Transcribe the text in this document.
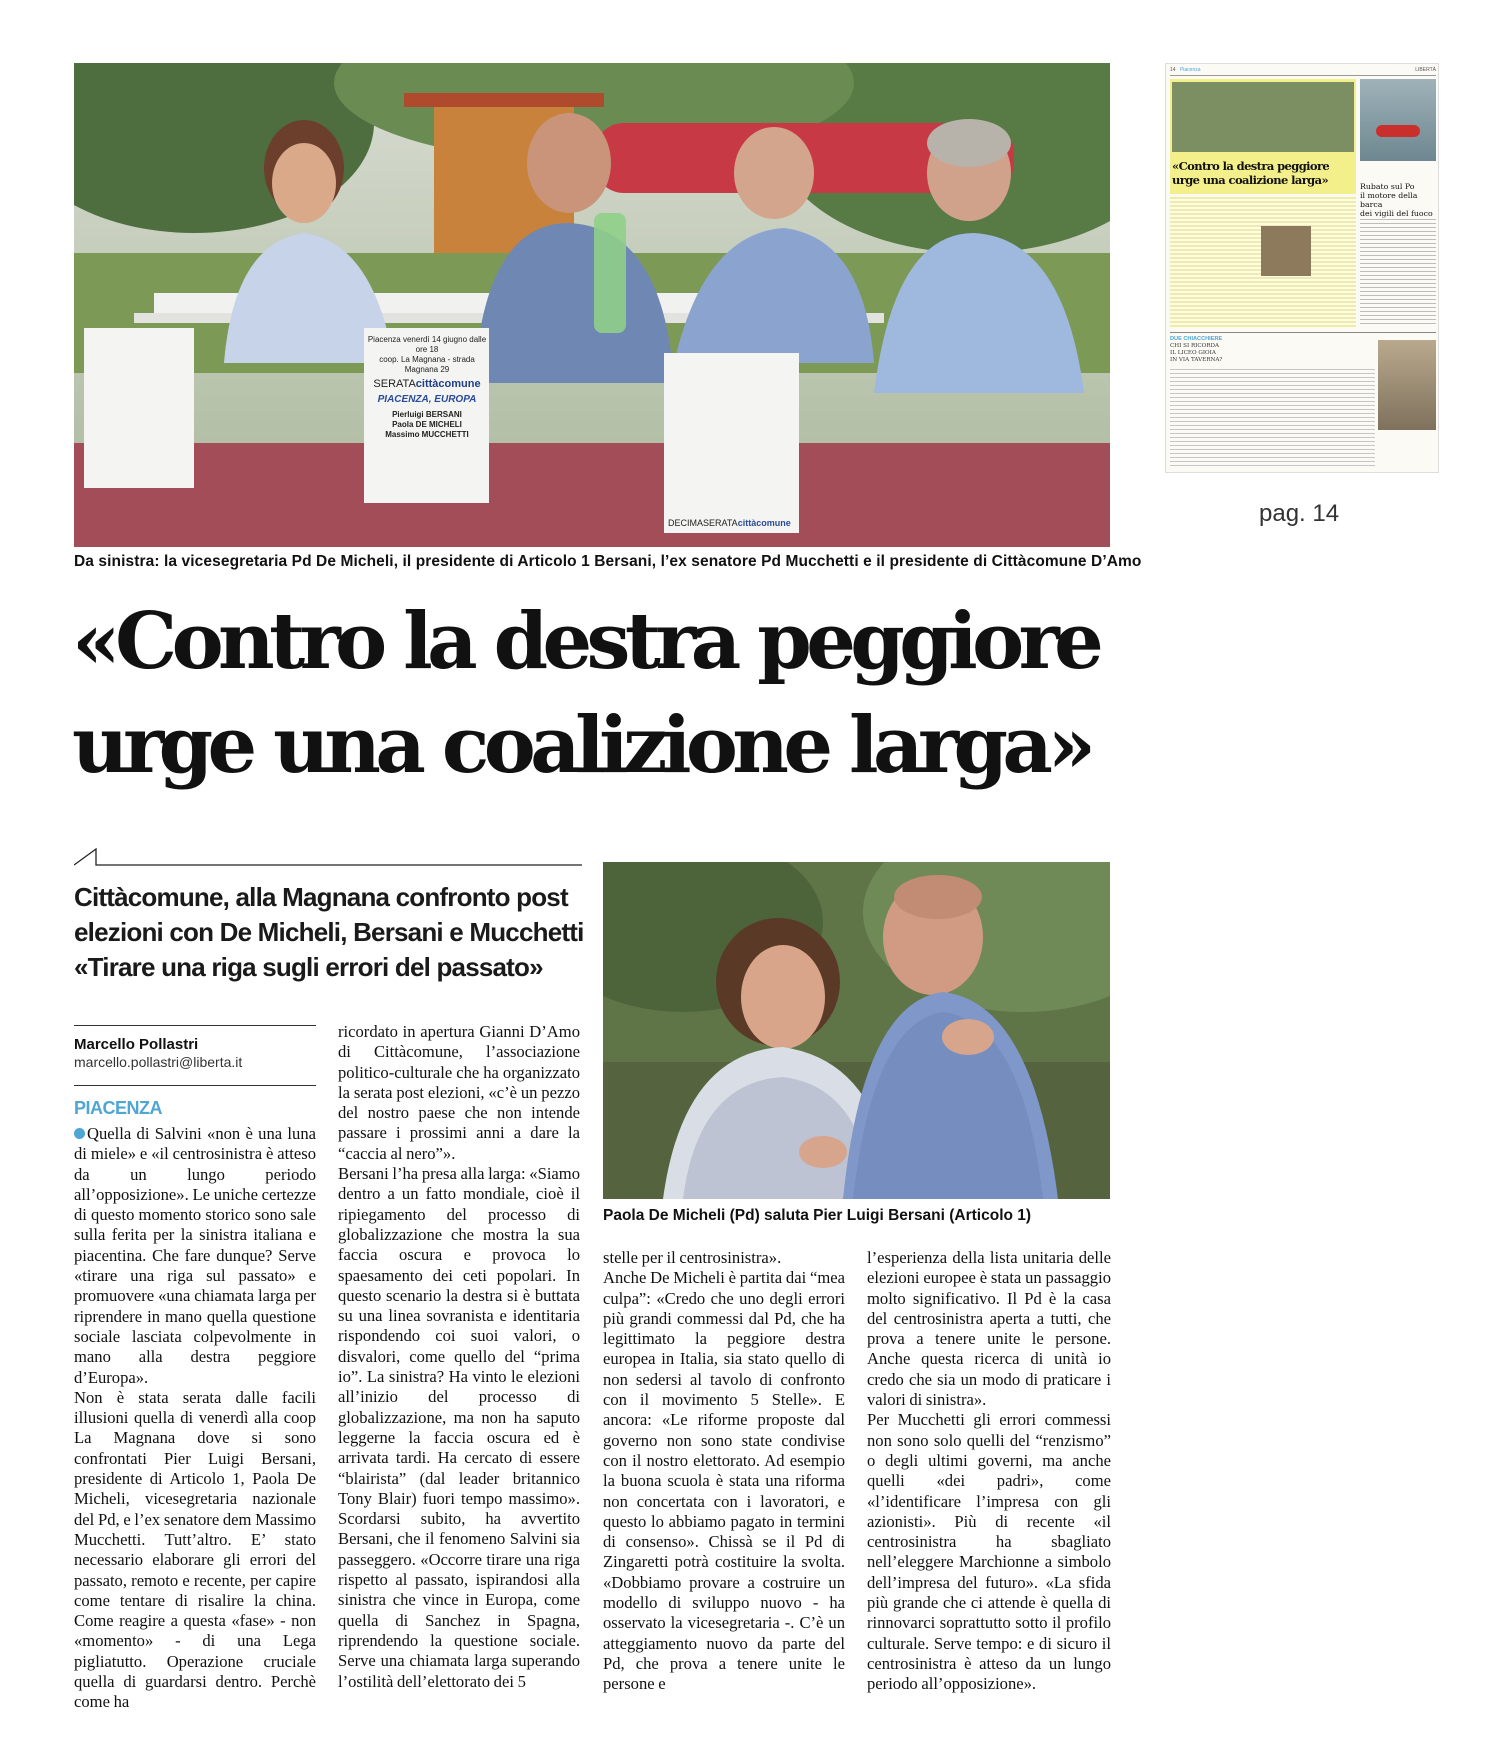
Piacenza venerdì 14 giugno dalle ore 18
coop. La Magnana - strada Magnana 29
SERATAcittàcomune
PIACENZA, EUROPA
Pierluigi BERSANI
Paola DE MICHELI
Massimo MUCCHETTI
DECIMASERATAcittàcomune
Da sinistra: la vicesegretaria Pd De Micheli, il presidente di Articolo 1 Bersani, l’ex senatore Pd Mucchetti e il presidente di Cittàcomune D’Amo
«Contro la destra peggiore
urge una coalizione larga»
Cittàcomune, alla Magnana confronto post
elezioni con De Micheli, Bersani e Mucchetti
«Tirare una riga sugli errori del passato»
Marcello Pollastri
marcello.pollastri@liberta.it
PIACENZA

Quella di Salvini «non è una luna di miele» e «il centrosinistra è atteso da un lungo periodo all’opposizione». Le uniche certezze di questo momento storico sono sale sulla ferita per la sinistra italiana e piacentina. Che fare dunque? Serve «tirare una riga sul passato» e promuovere «una chiamata larga per riprendere in mano quella questione sociale lasciata colpevolmente in mano alla destra peggiore d’Europa».

Non è stata serata dalle facili illusioni quella di venerdì alla coop La Magnana dove si sono confrontati Pier Luigi Bersani, presidente di Articolo 1, Paola De Micheli, vicesegretaria nazionale del Pd, e l’ex senatore dem Massimo Mucchetti. Tutt’altro. E’ stato necessario elaborare gli errori del passato, remoto e recente, per capire come tentare di risalire la china. Come reagire a questa «fase» - non «momento» - di una Lega pigliatutto. Operazione cruciale quella di guardarsi dentro. Perchè come ha

ricordato in apertura Gianni D’Amo di Cittàcomune, l’associazione politico-culturale che ha organizzato la serata post elezioni, «c’è un pezzo del nostro paese che non intende passare i prossimi anni a dare la “caccia al nero”».

Bersani l’ha presa alla larga: «Siamo dentro a un fatto mondiale, cioè il ripiegamento del processo di globalizzazione che mostra la sua faccia oscura e provoca lo spaesamento dei ceti popolari. In questo scenario la destra si è buttata su una linea sovranista e identitaria rispondendo coi suoi valori, o disvalori, come quello del “prima io”. La sinistra? Ha vinto le elezioni all’inizio del processo di globalizzazione, ma non ha saputo leggerne la faccia oscura ed è arrivata tardi. Ha cercato di essere “blairista” (dal leader britannico Tony Blair) fuori tempo massimo». Scordarsi subito, ha avvertito Bersani, che il fenomeno Salvini sia passeggero. «Occorre tirare una riga rispetto al passato, ispirandosi alla sinistra che vince in Europa, come quella di Sanchez in Spagna, riprendendo la questione sociale. Serve una chiamata larga superando l’ostilità dell’elettorato dei 5

Paola De Micheli (Pd) saluta Pier Luigi Bersani (Articolo 1)

stelle per il centrosinistra».

Anche De Micheli è partita dai “mea culpa”: «Credo che uno degli errori più grandi commessi dal Pd, che ha legittimato la peggiore destra europea in Italia, sia stato quello di non sedersi al tavolo di confronto con il movimento 5 Stelle». E ancora: «Le riforme proposte dal governo non sono state condivise con il nostro elettorato. Ad esempio la buona scuola è stata una riforma non concertata con i lavoratori, e questo lo abbiamo pagato in termini di consenso». Chissà se il Pd di Zingaretti potrà costituire la svolta. «Dobbiamo provare a costruire un modello di sviluppo nuovo - ha osservato la vicesegretaria -. C’è un atteggiamento nuovo da parte del Pd, che prova a tenere unite le persone e

l’esperienza della lista unitaria delle elezioni europee è stata un passaggio molto significativo. Il Pd è la casa del centrosinistra aperta a tutti, che prova a tenere unite le persone. Anche questa ricerca di unità io credo che sia un modo di praticare i valori di sinistra».

Per Mucchetti gli errori commessi non sono solo quelli del “renzismo” o degli ultimi governi, ma anche quelli «dei padri», come «l’identificare l’impresa con gli azionisti». Più di recente «il centrosinistra ha sbagliato nell’eleggere Marchionne a simbolo dell’impresa del futuro». «La sfida più grande che ci attende è quella di rinnovarci soprattutto sotto il profilo culturale. Serve tempo: e di sicuro il centrosinistra è atteso da un lungo periodo all’opposizione».

14 Piacenza	LIBERTÀ
«Contro la destra peggiore
urge una coalizione larga»	Rubato sul Po
il motore della barca
dei vigili del fuoco
DUE CHIACCHIERE
CHI SI RICORDA
IL LICEO GIOIA
IN VIA TAVERNA?
pag. 14
